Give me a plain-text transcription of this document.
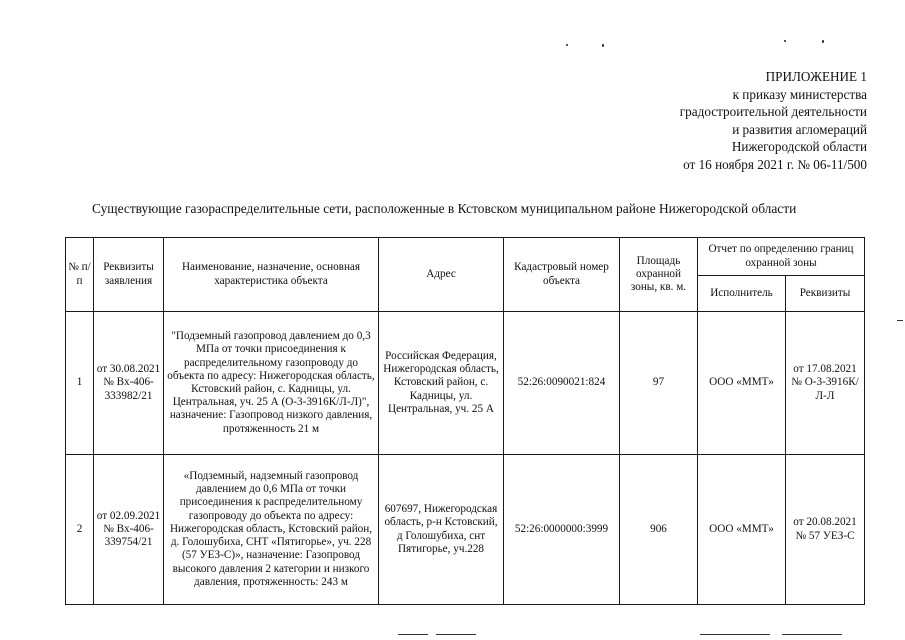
ПРИЛОЖЕНИЕ 1
к приказу министерства
градостроительной деятельности
и развития агломераций
Нижегородской области
от 16 ноября 2021 г. № 06-11/500
Существующие газораспределительные сети, расположенные в Кстовском муниципальном районе Нижегородской области
№ п/п	Реквизиты заявления	Наименование, назначение, основная характеристика объекта	Адрес	Кадастровый номер объекта	Площадь охранной зоны, кв. м.	Отчет по определению границ охранной зоны	
						Исполнитель	Реквизиты
1	от 30.08.2021 № Вх-406-333982/21	"Подземный газопровод давлением до 0,3 МПа от точки присоединения к распределительному газопроводу до объекта по адресу: Нижегородская область, Кстовский район, с. Кадницы, ул. Центральная, уч. 25 А (О-3-3916К/Л-Л)", назначение: Газопровод низкого давления, протяженность 21 м	Российская Федерация, Нижегородская область, Кстовский район, с. Кадницы, ул. Центральная, уч. 25 А	52:26:0090021:824	97	ООО «ММТ»	от 17.08.2021 № О-3-3916К/Л-Л
2	от 02.09.2021 № Вх-406-339754/21	«Подземный, надземный газопровод давлением до 0,6 МПа от точки присоединения к распределительному газопроводу до объекта по адресу: Нижегородская область, Кстовский район, д. Голошубиха, СНТ «Пятигорье», уч. 228 (57 УЕЗ-С)», назначение: Газопровод высокого давления 2 категории и низкого давления, протяженность: 243 м	607697, Нижегородская область, р-н Кстовский, д Голошубиха, снт Пятигорье, уч.228	52:26:0000000:3999	906	ООО «ММТ»	от 20.08.2021 № 57 УЕЗ-С
